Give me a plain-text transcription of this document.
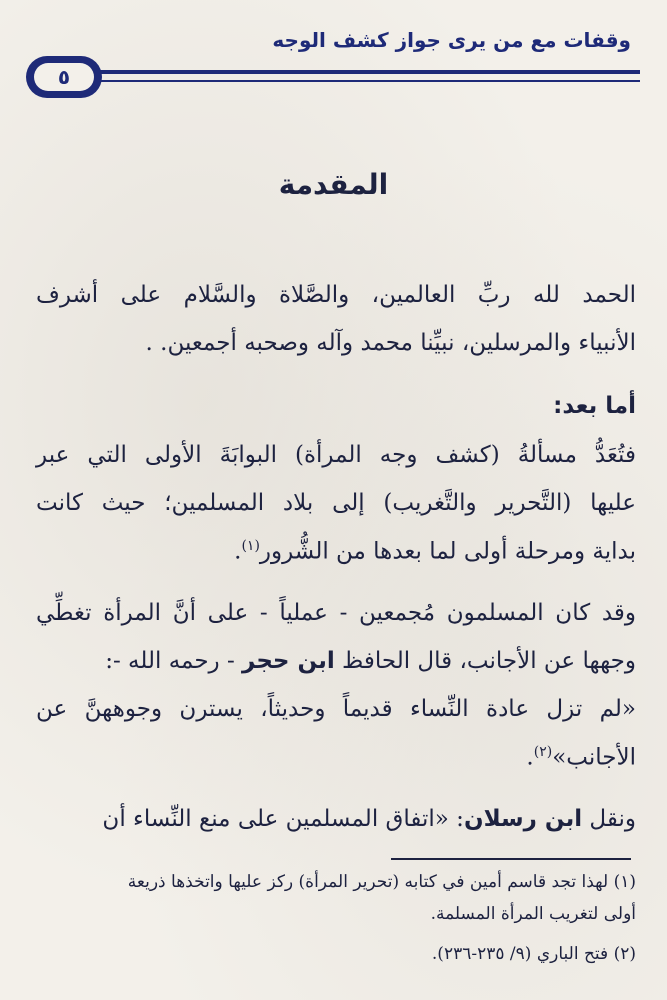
وقفات مع من يرى جواز كشف الوجه
٥
المقدمة
الحمد لله ربِّ العالمين، والصَّلاة والسَّلام على أشرف
الأنبياء والمرسلين، نبيِّنا محمد وآله وصحبه أجمعين. .
أما بعد:
فتُعَدُّ مسألةُ (كشف وجه المرأة) البوابَةَ الأولى التي عبر
عليها (التَّحرير والتَّغريب) إلى بلاد المسلمين؛ حيث كانت
بداية ومرحلة أولى لما بعدها من الشُّرور$^{(١)}$.
وقد كان المسلمون مُجمعين - عملياً - على أنَّ المرأة تغطِّي
وجهها عن الأجانب، قال الحافظ ابن حجر - رحمه الله -:
«لم تزل عادة النِّساء قديماً وحديثاً، يسترن وجوههنَّ عن
الأجانب»$^{(٢)}$.
ونقل ابن رسلان: «اتفاق المسلمين على منع النِّساء أن
(١) لهذا تجد قاسم أمين في كتابه (تحرير المرأة) ركز عليها واتخذها ذريعة
أولى لتغريب المرأة المسلمة.
(٢) فتح الباري (٩/ ٢٣٥-٢٣٦).
